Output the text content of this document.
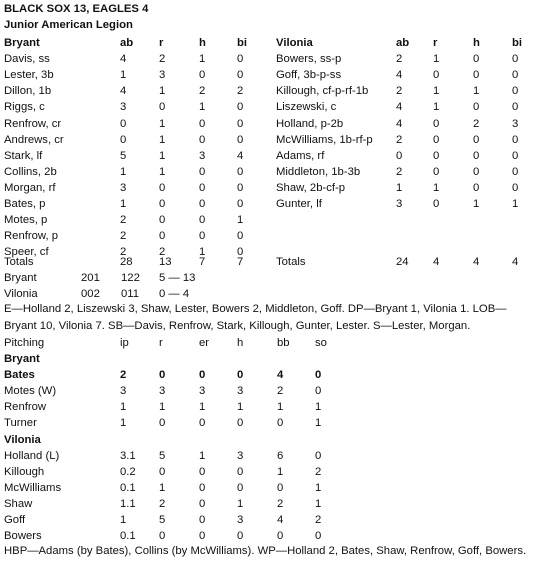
BLACK SOX 13, EAGLES 4
Junior American Legion
Bryant	ab r	h	bi	Vilonia	ab r	h	bi
Davis, ss	4	2	1	0
Lester, 3b	1	3	0	0
Dillon, 1b	4	1	2	2
Riggs, c	3	0	1	0
Renfrow, cr	0	1	0	0
Andrews, cr	0	1	0	0
Stark, lf	5	1	3	4
Collins, 2b	1	1	0	0
Morgan, rf	3	0	0	0
Bates, p	1	0	0	0
Motes, p	2	0	0	1
Renfrow, p	2	0	0	0
Speer, cf	2	2	1	0
Bowers, ss-p	2	1	0	0
Goff, 3b-p-ss	4	0	0	0
Killough, cf-p-rf-1b 2	1	1	0
Liszewski, c	4	1	0	0
Holland, p-2b	4	0	2	3
McWilliams, 1b-rf-p 2	0	0	0
Adams, rf	0	0	0	0
Middleton, 1b-3b	2	0	0	0
Shaw, 2b-cf-p	1	1	0	0
Gunter, lf	3	0	1	1
Totals	28 13 7	7	Totals	24 4	4	4
Bryant	201 122 5 — 13
Vilonia	002 011 0 — 4
E—Holland 2, Liszewski 3, Shaw, Lester, Bowers 2, Middleton, Goff. DP—Bryant 1, Vilonia 1. LOB—
Bryant 10, Vilonia 7. SB—Davis, Renfrow, Stark, Killough, Gunter, Lester. S—Lester, Morgan.
Pitching	ip	r	er h	bb so
Bryant
Bates	2	0	0	0	4	0
Motes (W)	3	3	3	3	2	0
Renfrow	1	1	1	1	1	1
Turner	1	0	0	0	0	1
Vilonia
Holland (L)	3.1 5	1	3	6	0
Killough	0.2 0	0	0	1	2
McWilliams	0.1 1	0	0	0	1
Shaw	1.1 2	0	1	2	1
Goff	1	5	0	3	4	2
Bowers	0.1 0	0	0	0	0
HBP—Adams (by Bates), Collins (by McWilliams). WP—Holland 2, Bates, Shaw, Renfrow, Goff, Bowers.
